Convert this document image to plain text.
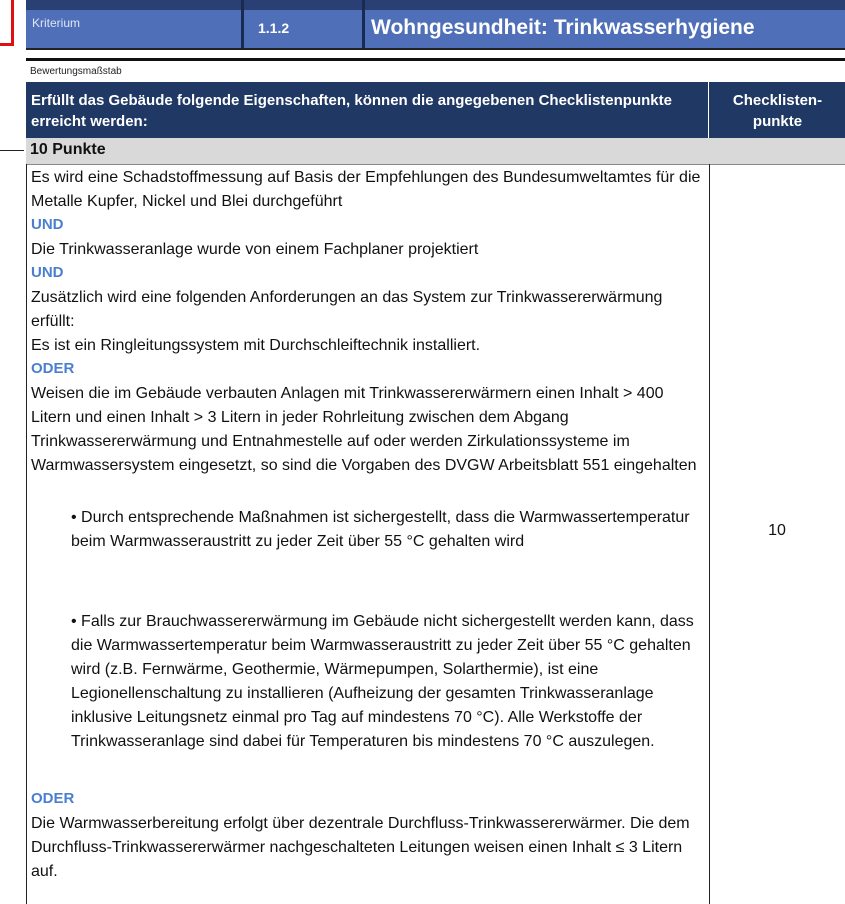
Kriterium	1.1.2	Wohngesundheit: Trinkwasserhygiene
Bewertungsmaßstab
Erfüllt das Gebäude folgende Eigenschaften, können die angegebenen Checklistenpunkte erreicht werden:
Checklisten-punkte
10 Punkte
Es wird eine Schadstoffmessung auf Basis der Empfehlungen des Bundesumweltamtes für die Metalle Kupfer, Nickel und Blei durchgeführt
UND
Die Trinkwasseranlage wurde von einem Fachplaner projektiert
UND
Zusätzlich wird eine folgenden Anforderungen an das System zur Trinkwassererwärmung erfüllt:
Es ist ein Ringleitungssystem mit Durchschleiftechnik installiert.
ODER
Weisen die im Gebäude verbauten Anlagen mit Trinkwassererwärmern einen Inhalt > 400 Litern und einen Inhalt > 3 Litern in jeder Rohrleitung zwischen dem Abgang Trinkwassererwärmung und Entnahmestelle auf oder werden Zirkulationssysteme im Warmwassersystem eingesetzt, so sind die Vorgaben des DVGW Arbeitsblatt 551 eingehalten
• Durch entsprechende Maßnahmen ist sichergestellt, dass die Warmwassertemperatur beim Warmwasseraustritt zu jeder Zeit über 55 °C gehalten wird
• Falls zur Brauchwassererwärmung im Gebäude nicht sichergestellt werden kann, dass die Warmwassertemperatur beim Warmwasseraustritt zu jeder Zeit über 55 °C gehalten wird (z.B. Fernwärme, Geothermie, Wärmepumpen, Solarthermie), ist eine Legionellenschaltung zu installieren (Aufheizung der gesamten Trinkwasseranlage inklusive Leitungsnetz einmal pro Tag auf mindestens 70 °C). Alle Werkstoffe der Trinkwasseranlage sind dabei für Temperaturen bis mindestens 70 °C auszulegen.
ODER
Die Warmwasserbereitung erfolgt über dezentrale Durchfluss-Trinkwassererwärmer. Die dem Durchfluss-Trinkwassererwärmer nachgeschalteten Leitungen weisen einen Inhalt ≤ 3 Litern auf.
10
